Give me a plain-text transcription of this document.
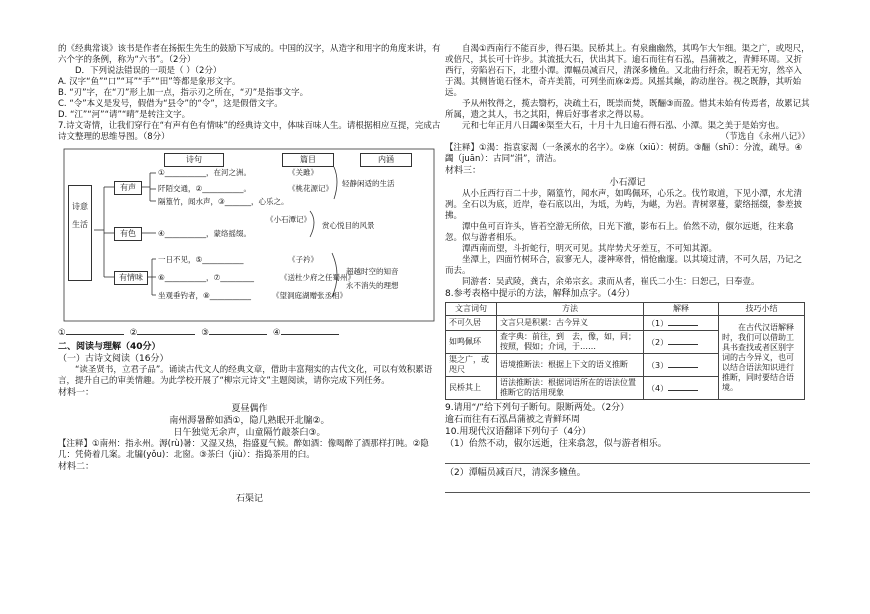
的《经典常谈》该书是作者在扬振生先生的鼓励下写成的。中国的汉字，从造字和用字的角度来讲，有六个字的条例，称为“六书”。（2分）

D．下列说法错误的一项是（ ）（2分）

A. 汉字“鱼”“口”“耳”“手”“田”等都是象形文字。

B. “刃”字，在“刀”形上加一点，指示刃之所在，“刃”是指事文字。

C. “令”本义是发号，假借为“县令”的“令”，这是假借文字。

D. “江”“河”“请”“晴”是转注文字。

7.诗文寄情，让我们穿行在“有声有色有情味”的经典诗文中，体味百味人生。请根据相应互提，完成古诗文整理的思维导图。（8分）

诗句	篇目	内涵
诗意生活
有声
有色
有情味
①___________，在河之洲。
阡陌交通，②___________。
隔篁竹，闻水声，③_______，心乐之。
④___________，蒙络摇缀。
一日不见，⑤___________
⑥___________，⑦_________
坐观垂钓者，⑧___________
《关雎》
《桃花源记》
《小石潭记》
《子衿》
《送杜少府之任蜀州》
《望洞庭湖赠张丞相》
轻静闲适的生活
赏心悦目的风景
超越时空的知音
永不消失的理想
①	②	③	④

二、阅读与理解（40分）

（一）古诗文阅读（16分）

“读圣贤书，立君子品”。诵读古代文人的经典文章，借助丰富翔实的古代文化，可以有效积累语言，提升自己的审美情趣。为此学校开展了“柳宗元诗文”主题阅读，请你完成下列任务。

材料一：

夏昼偶作

南州溽暑醉如酒①，隐几熟眠开北牖②。

日午独觉无余声，山童隔竹敲茶臼③。

【注释】①南州：指永州。溽(rù)暑：又湿又热，指盛夏气候。醉如酒：像喝醉了酒那样打盹。②隐几：凭倚着几案。北牖(yǒu)：北窗。③茶臼（jiù）：指捣茶用的臼。

材料二：

石渠记

自渴①西南行不能百步，得石渠。民桥其上。有泉幽幽然，其鸣乍大乍细。渠之广，或咫尺，或倍尺，其长可十许步。其流抵大石，伏出其下。逾石而往有石泓，昌蒲被之，青鲜环周。又折西行，旁陷岩石下，北堕小潭。潭幅员减百尺，清深多儵鱼。又北曲行纡余，睨若无穷，然卒入于渴。其侧皆诡石怪木，奇卉美箭，可列坐而庥②焉。风摇其巅，韵动崖谷。视之既静，其听始远。

予从州牧得之，揽去翳朽，决疏土石，既崇而焚，既酾③而盈。惜其未始有传焉者，故累记其所属，遗之其人，书之其阳，俾后好事者求之得以易。

元和七年正月八日蠲④渠至大石，十月十九日逾石得石泓、小潭。渠之美于是始穷也。

（节选自《永州八记》）

【注释】①渴：指袁家渴（一条溪水的名字）。②庥（xiū）：树荫。③酾（shī）：分流，疏导。④蠲（juān）：古同“涓”，清洁。

材料三：

小石潭记

从小丘西行百二十步，隔篁竹，闻水声，如鸣佩环，心乐之。伐竹取道，下见小潭，水尤清冽。全石以为底，近岸，卷石底以出，为坻，为屿，为嵁，为岩。青树翠蔓，蒙络摇缀，参差披拂。

潭中鱼可百许头，皆若空游无所依，日光下澈，影布石上。佁然不动，俶尔远逝，往来翕忽。似与游者相乐。

潭西南而望，斗折蛇行，明灭可见。其岸势犬牙差互，不可知其源。

坐潭上，四面竹树环合，寂寥无人，凄神寒骨，悄怆幽邃。以其境过清，不可久居，乃记之而去。

同游者：吴武陵，龚古，余弟宗玄。隶而从者，崔氏二小生：曰恕己，曰奉壹。

8.参考表格中提示的方法，解释加点字。（4分）

文言词句	方法	解释	技巧小结
不可久居	文言只是积累：古今异义	（1）	在古代汉语解释时，我们可以借助工具书查找或者区别字词的古今异义，也可以结合语法知识进行推断，同时要结合语境。
如鸣佩环	查字典：前往，到　去，像，如，同；按照，假如；介词，于……	（2）	
渠之广，或咫尺	语境推断法：根据上下文的语义推断	（3）	
民桥其上	语法推断法：根据词语所在的语法位置推断它的活用现象	（4）	

9.请用“/”给下列句子断句。限断两处。（2分）

逾石而往有石泓昌蒲被之青鲜环周

10.用现代汉语翻译下列句子（4分）

（1）佁然不动，俶尔远逝，往来翕忽，似与游者相乐。

（2）潭幅员减百尺，清深多儵鱼。
